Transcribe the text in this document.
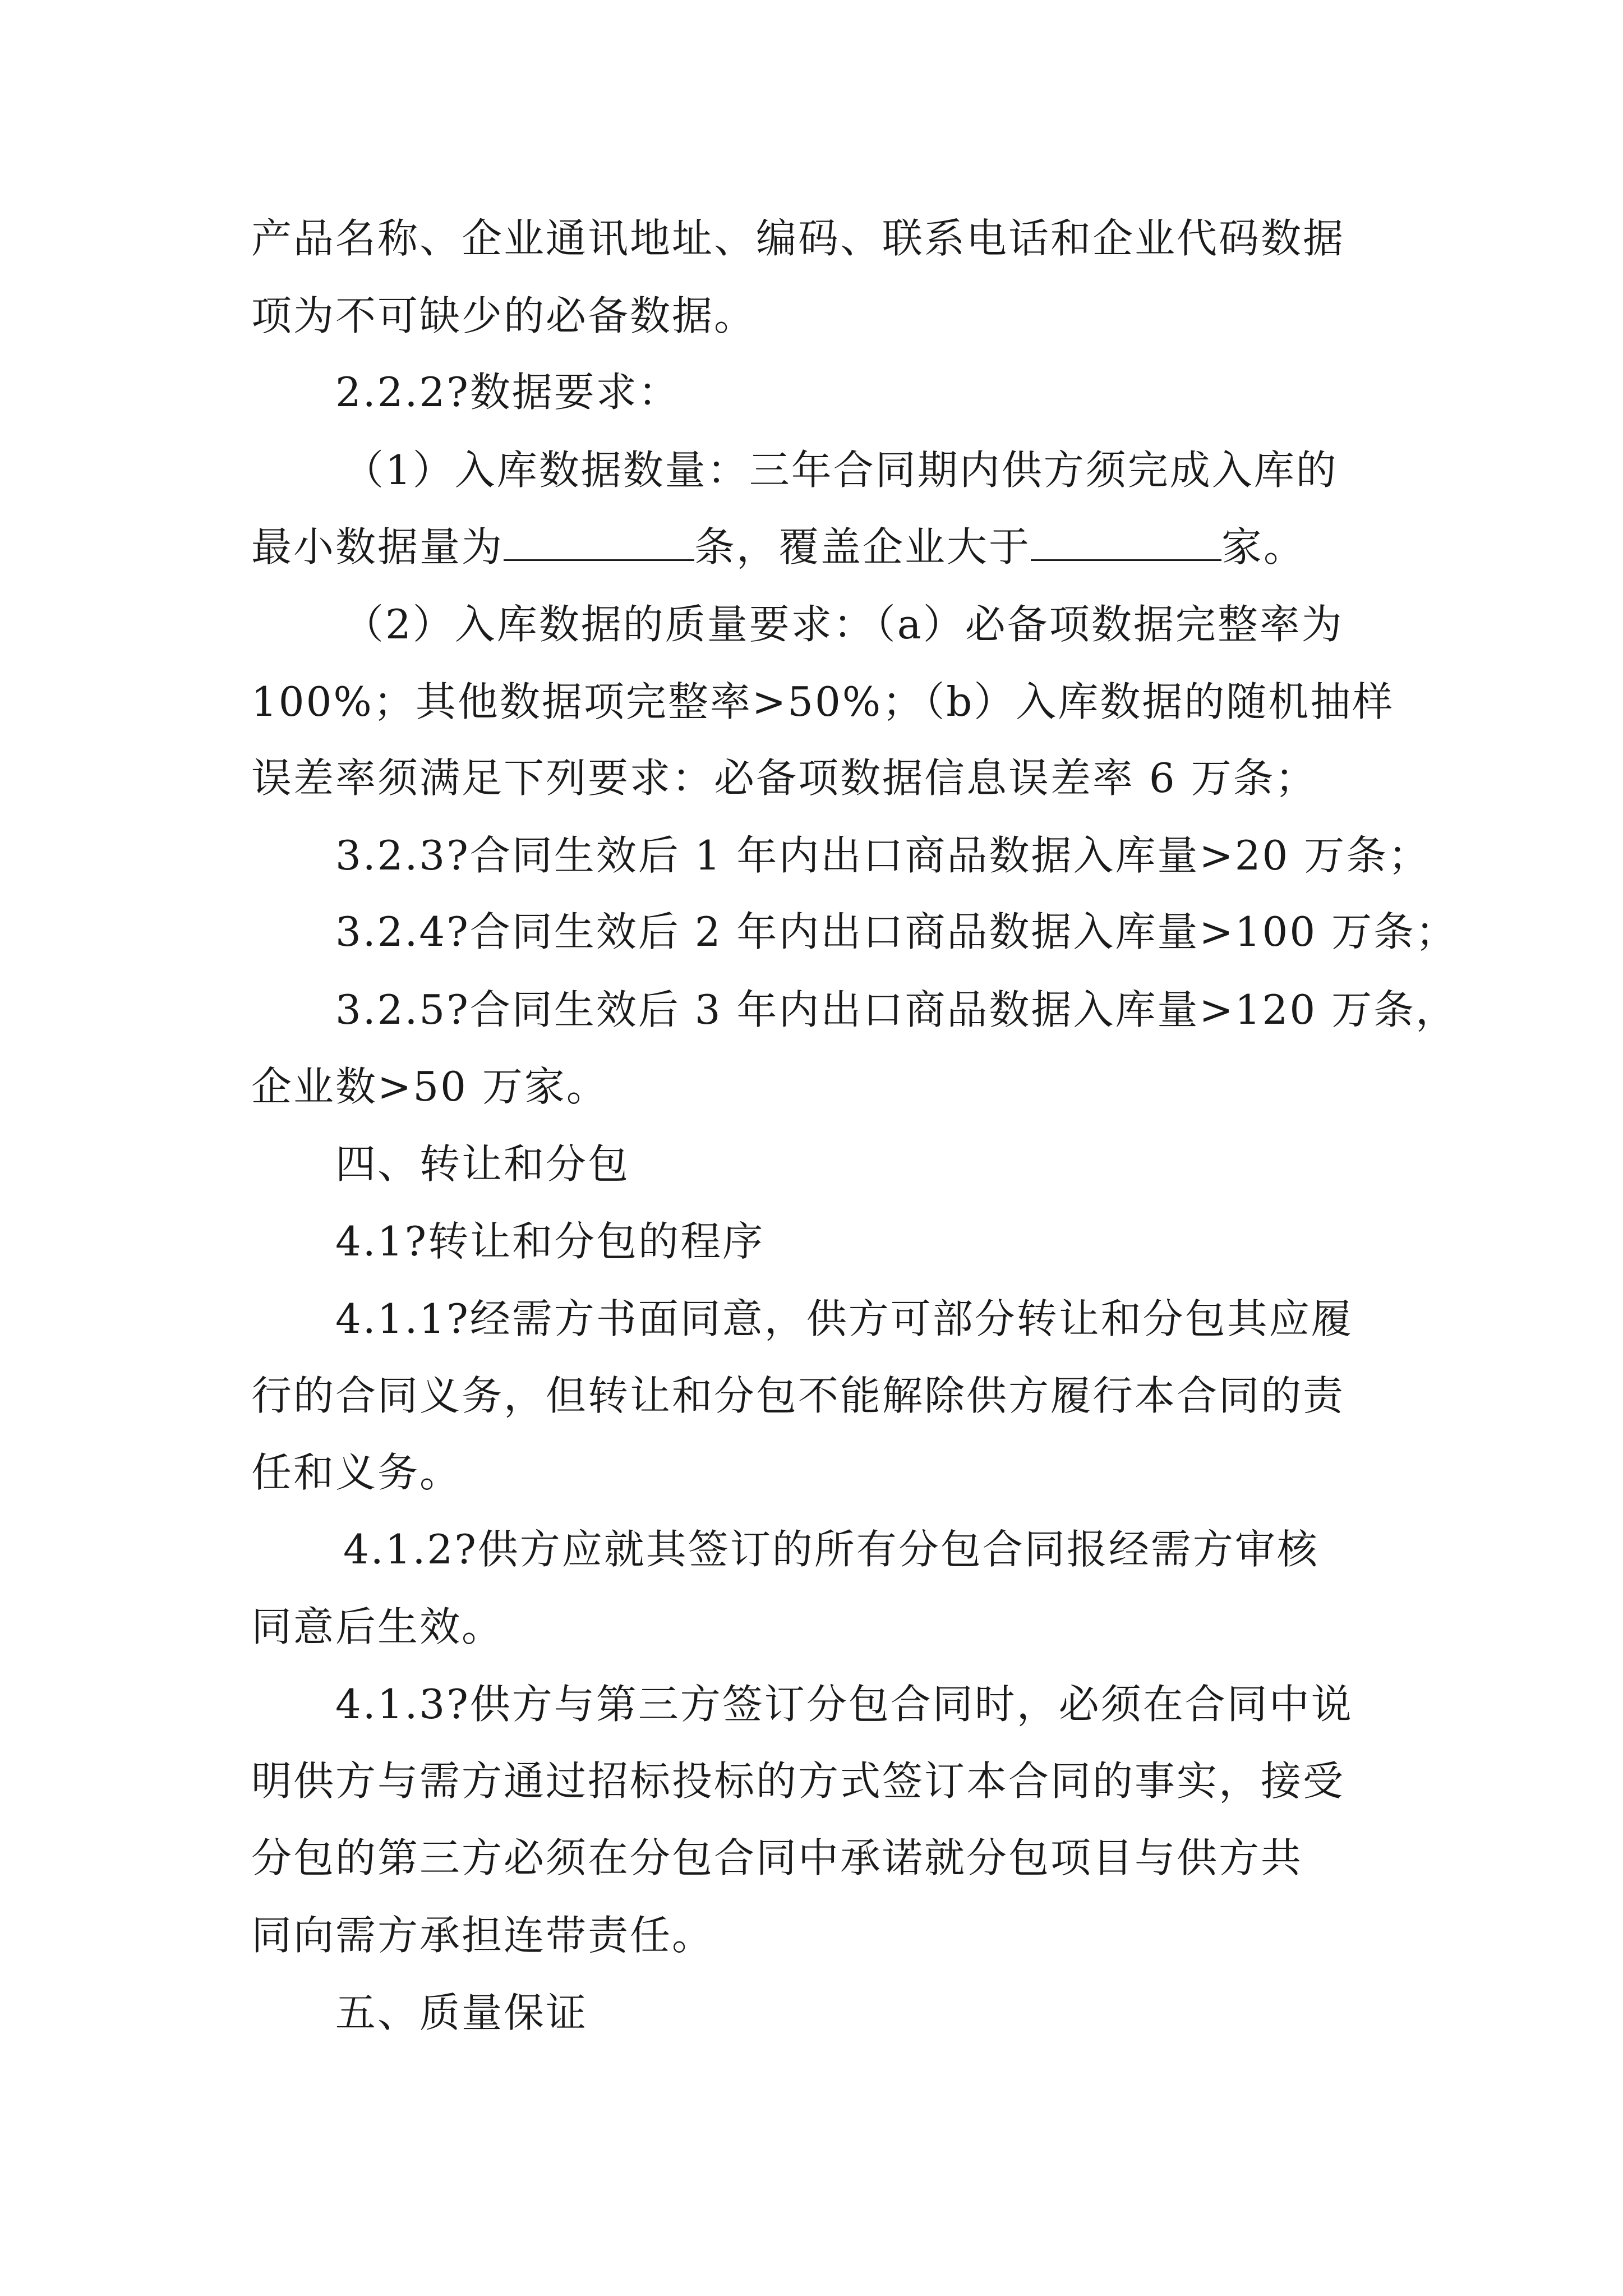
产品名称、企业通讯地址、编码、联系电话和企业代码数据
项为不可缺少的必备数据。
2.2.2?数据要求：
（1）入库数据数量：三年合同期内供方须完成入库的
最小数据量为	条，覆盖企业大于	家。
（2）入库数据的质量要求：（a）必备项数据完整率为
100%；其他数据项完整率>50%；（b）入库数据的随机抽样
误差率须满足下列要求：必备项数据信息误差率 6 万条；
3.2.3?合同生效后 1 年内出口商品数据入库量>20 万条；
3.2.4?合同生效后 2 年内出口商品数据入库量>100 万条；
3.2.5?合同生效后 3 年内出口商品数据入库量>120 万条，
企业数>50 万家。
四、转让和分包
4.1?转让和分包的程序
4.1.1?经需方书面同意，供方可部分转让和分包其应履
行的合同义务，但转让和分包不能解除供方履行本合同的责
任和义务。
4.1.2?供方应就其签订的所有分包合同报经需方审核
同意后生效。
4.1.3?供方与第三方签订分包合同时，必须在合同中说
明供方与需方通过招标投标的方式签订本合同的事实，接受
分包的第三方必须在分包合同中承诺就分包项目与供方共
同向需方承担连带责任。
五、质量保证
